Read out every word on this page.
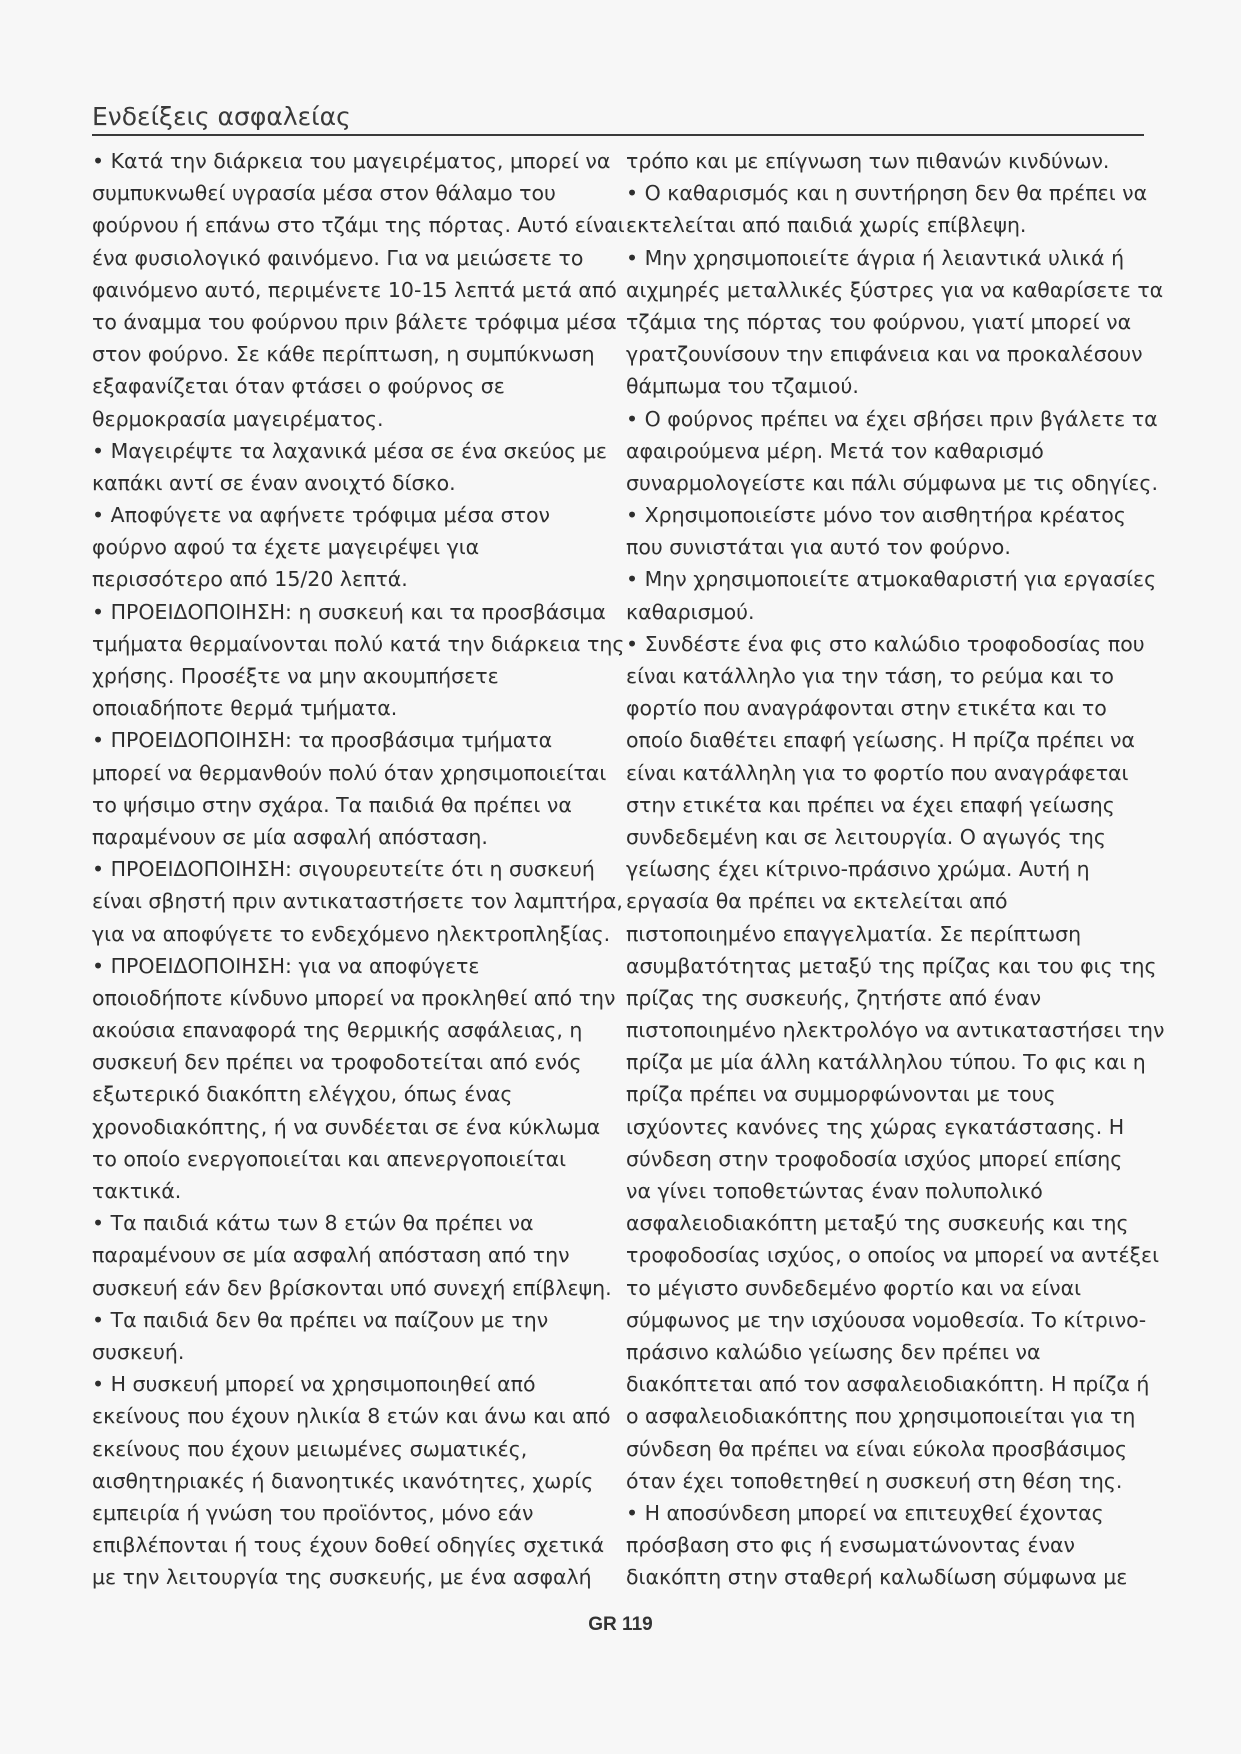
Ενδείξεις ασφαλείας
• Κατά την διάρκεια του μαγειρέματος, μπορεί να
συμπυκνωθεί υγρασία μέσα στον θάλαμο του
φούρνου ή επάνω στο τζάμι της πόρτας. Αυτό είναι
ένα φυσιολογικό φαινόμενο. Για να μειώσετε το
φαινόμενο αυτό, περιμένετε 10-15 λεπτά μετά από
το άναμμα του φούρνου πριν βάλετε τρόφιμα μέσα
στον φούρνο. Σε κάθε περίπτωση, η συμπύκνωση
εξαφανίζεται όταν φτάσει ο φούρνος σε
θερμοκρασία μαγειρέματος.
• Μαγειρέψτε τα λαχανικά μέσα σε ένα σκεύος με
καπάκι αντί σε έναν ανοιχτό δίσκο.
• Αποφύγετε να αφήνετε τρόφιμα μέσα στον
φούρνο αφού τα έχετε μαγειρέψει για
περισσότερο από 15/20 λεπτά.
• ΠΡΟΕΙΔΟΠΟΙΗΣΗ: η συσκευή και τα προσβάσιμα
τμήματα θερμαίνονται πολύ κατά την διάρκεια της
χρήσης. Προσέξτε να μην ακουμπήσετε
οποιαδήποτε θερμά τμήματα.
• ΠΡΟΕΙΔΟΠΟΙΗΣΗ: τα προσβάσιμα τμήματα
μπορεί να θερμανθούν πολύ όταν χρησιμοποιείται
το ψήσιμο στην σχάρα. Τα παιδιά θα πρέπει να
παραμένουν σε μία ασφαλή απόσταση.
• ΠΡΟΕΙΔΟΠΟΙΗΣΗ: σιγουρευτείτε ότι η συσκευή
είναι σβηστή πριν αντικαταστήσετε τον λαμπτήρα,
για να αποφύγετε το ενδεχόμενο ηλεκτροπληξίας.
• ΠΡΟΕΙΔΟΠΟΙΗΣΗ: για να αποφύγετε
οποιοδήποτε κίνδυνο μπορεί να προκληθεί από την
ακούσια επαναφορά της θερμικής ασφάλειας, η
συσκευή δεν πρέπει να τροφοδοτείται από ενός
εξωτερικό διακόπτη ελέγχου, όπως ένας
χρονοδιακόπτης, ή να συνδέεται σε ένα κύκλωμα
το οποίο ενεργοποιείται και απενεργοποιείται
τακτικά.
• Τα παιδιά κάτω των 8 ετών θα πρέπει να
παραμένουν σε μία ασφαλή απόσταση από την
συσκευή εάν δεν βρίσκονται υπό συνεχή επίβλεψη.
• Τα παιδιά δεν θα πρέπει να παίζουν με την
συσκευή.
• Η συσκευή μπορεί να χρησιμοποιηθεί από
εκείνους που έχουν ηλικία 8 ετών και άνω και από
εκείνους που έχουν μειωμένες σωματικές,
αισθητηριακές ή διανοητικές ικανότητες, χωρίς
εμπειρία ή γνώση του προϊόντος, μόνο εάν
επιβλέπονται ή τους έχουν δοθεί οδηγίες σχετικά
με την λειτουργία της συσκευής, με ένα ασφαλή
τρόπο και με επίγνωση των πιθανών κινδύνων.
• Ο καθαρισμός και η συντήρηση δεν θα πρέπει να
εκτελείται από παιδιά χωρίς επίβλεψη.
• Μην χρησιμοποιείτε άγρια ή λειαντικά υλικά ή
αιχμηρές μεταλλικές ξύστρες για να καθαρίσετε τα
τζάμια της πόρτας του φούρνου, γιατί μπορεί να
γρατζουνίσουν την επιφάνεια και να προκαλέσουν
θάμπωμα του τζαμιού.
• Ο φούρνος πρέπει να έχει σβήσει πριν βγάλετε τα
αφαιρούμενα μέρη. Μετά τον καθαρισμό
συναρμολογείστε και πάλι σύμφωνα με τις οδηγίες.
• Χρησιμοποιείστε μόνο τον αισθητήρα κρέατος
που συνιστάται για αυτό τον φούρνο.
• Μην χρησιμοποιείτε ατμοκαθαριστή για εργασίες
καθαρισμού.
• Συνδέστε ένα φις στο καλώδιο τροφοδοσίας που
είναι κατάλληλο για την τάση, το ρεύμα και το
φορτίο που αναγράφονται στην ετικέτα και το
οποίο διαθέτει επαφή γείωσης. Η πρίζα πρέπει να
είναι κατάλληλη για το φορτίο που αναγράφεται
στην ετικέτα και πρέπει να έχει επαφή γείωσης
συνδεδεμένη και σε λειτουργία. Ο αγωγός της
γείωσης έχει κίτρινο-πράσινο χρώμα. Αυτή η
εργασία θα πρέπει να εκτελείται από
πιστοποιημένο επαγγελματία. Σε περίπτωση
ασυμβατότητας μεταξύ της πρίζας και του φις της
πρίζας της συσκευής, ζητήστε από έναν
πιστοποιημένο ηλεκτρολόγο να αντικαταστήσει την
πρίζα με μία άλλη κατάλληλου τύπου. Το φις και η
πρίζα πρέπει να συμμορφώνονται με τους
ισχύοντες κανόνες της χώρας εγκατάστασης. Η
σύνδεση στην τροφοδοσία ισχύος μπορεί επίσης
να γίνει τοποθετώντας έναν πολυπολικό
ασφαλειοδιακόπτη μεταξύ της συσκευής και της
τροφοδοσίας ισχύος, ο οποίος να μπορεί να αντέξει
το μέγιστο συνδεδεμένο φορτίο και να είναι
σύμφωνος με την ισχύουσα νομοθεσία. Το κίτρινο-
πράσινο καλώδιο γείωσης δεν πρέπει να
διακόπτεται από τον ασφαλειοδιακόπτη. Η πρίζα ή
ο ασφαλειοδιακόπτης που χρησιμοποιείται για τη
σύνδεση θα πρέπει να είναι εύκολα προσβάσιμος
όταν έχει τοποθετηθεί η συσκευή στη θέση της.
• Η αποσύνδεση μπορεί να επιτευχθεί έχοντας
πρόσβαση στο φις ή ενσωματώνοντας έναν
διακόπτη στην σταθερή καλωδίωση σύμφωνα με
GR 119
